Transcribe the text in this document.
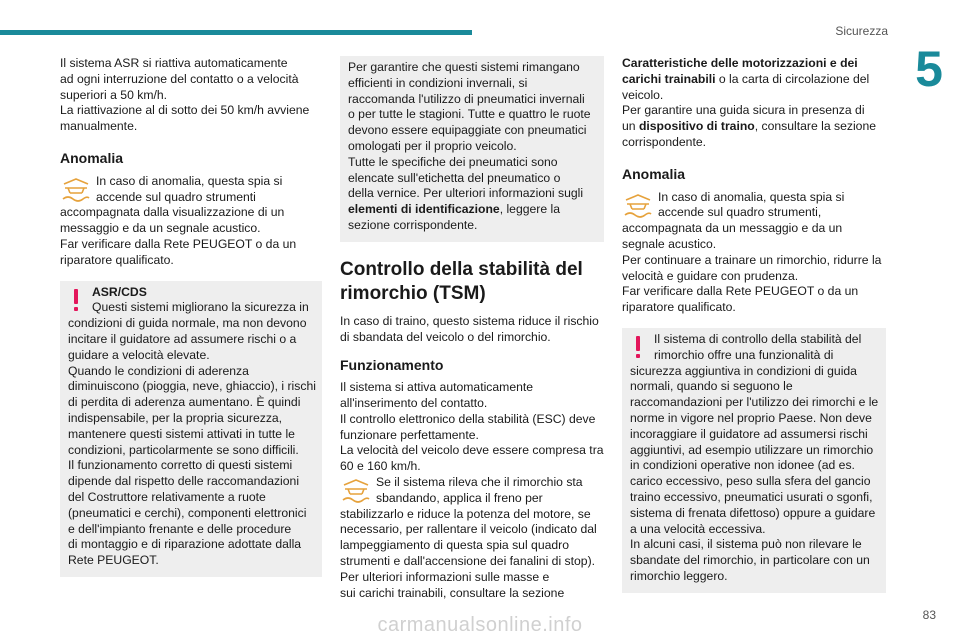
Sicurezza
5

Il sistema ASR si riattiva automaticamente
ad ogni interruzione del contatto o a velocità
superiori a 50 km/h.
La riattivazione al di sotto dei 50 km/h avviene
manualmente.

Anomalia

In caso di anomalia, questa spia si
accende sul quadro strumenti

accompagnata dalla visualizzazione di un
messaggio e da un segnale acustico.
Far verificare dalla Rete PEUGEOT o da un
riparatore qualificato.

ASR/CDS

Questi sistemi migliorano la sicurezza in

condizioni di guida normale, ma non devono
incitare il guidatore ad assumere rischi o a
guidare a velocità elevate.
Quando le condizioni di aderenza
diminuiscono (pioggia, neve, ghiaccio), i rischi
di perdita di aderenza aumentano. È quindi
indispensabile, per la propria sicurezza,
mantenere questi sistemi attivati in tutte le
condizioni, particolarmente se sono difficili.
Il funzionamento corretto di questi sistemi
dipende dal rispetto delle raccomandazioni
del Costruttore relativamente a ruote
(pneumatici e cerchi), componenti elettronici
e dell'impianto frenante e delle procedure
di montaggio e di riparazione adottate dalla
Rete PEUGEOT.

Per garantire che questi sistemi rimangano
efficienti in condizioni invernali, si
raccomanda l'utilizzo di pneumatici invernali
o per tutte le stagioni. Tutte e quattro le ruote
devono essere equipaggiate con pneumatici
omologati per il proprio veicolo.
Tutte le specifiche dei pneumatici sono
elencate sull'etichetta del pneumatico o
della vernice. Per ulteriori informazioni sugli

elementi di identificazione, leggere la

sezione corrispondente.

Controllo della stabilità del rimorchio (TSM)

In caso di traino, questo sistema riduce il rischio
di sbandata del veicolo o del rimorchio.

Funzionamento

Il sistema si attiva automaticamente
all'inserimento del contatto.
Il controllo elettronico della stabilità (ESC) deve
funzionare perfettamente.
La velocità del veicolo deve essere compresa tra
60 e 160 km/h.

Se il sistema rileva che il rimorchio sta
sbandando, applica il freno per

stabilizzarlo e riduce la potenza del motore, se
necessario, per rallentare il veicolo (indicato dal
lampeggiamento di questa spia sul quadro
strumenti e dall'accensione dei fanalini di stop).
Per ulteriori informazioni sulle masse e
sui carichi trainabili, consultare la sezione

Caratteristiche delle motorizzazioni e dei
carichi trainabili o la carta di circolazione del
veicolo.
Per garantire una guida sicura in presenza di
un dispositivo di traino, consultare la sezione
corrispondente.

Anomalia

In caso di anomalia, questa spia si
accende sul quadro strumenti,

accompagnata da un messaggio e da un
segnale acustico.
Per continuare a trainare un rimorchio, ridurre la
velocità e guidare con prudenza.
Far verificare dalla Rete PEUGEOT o da un
riparatore qualificato.

Il sistema di controllo della stabilità del
rimorchio offre una funzionalità di

sicurezza aggiuntiva in condizioni di guida
normali, quando si seguono le
raccomandazioni per l'utilizzo dei rimorchi e le
norme in vigore nel proprio Paese. Non deve
incoraggiare il guidatore ad assumersi rischi
aggiuntivi, ad esempio utilizzare un rimorchio
in condizioni operative non idonee (ad es.
carico eccessivo, peso sulla sfera del gancio
traino eccessivo, pneumatici usurati o sgonfi,
sistema di frenata difettoso) oppure a guidare
a una velocità eccessiva.
In alcuni casi, il sistema può non rilevare le
sbandate del rimorchio, in particolare con un
rimorchio leggero.

83
carmanualsonline.info
